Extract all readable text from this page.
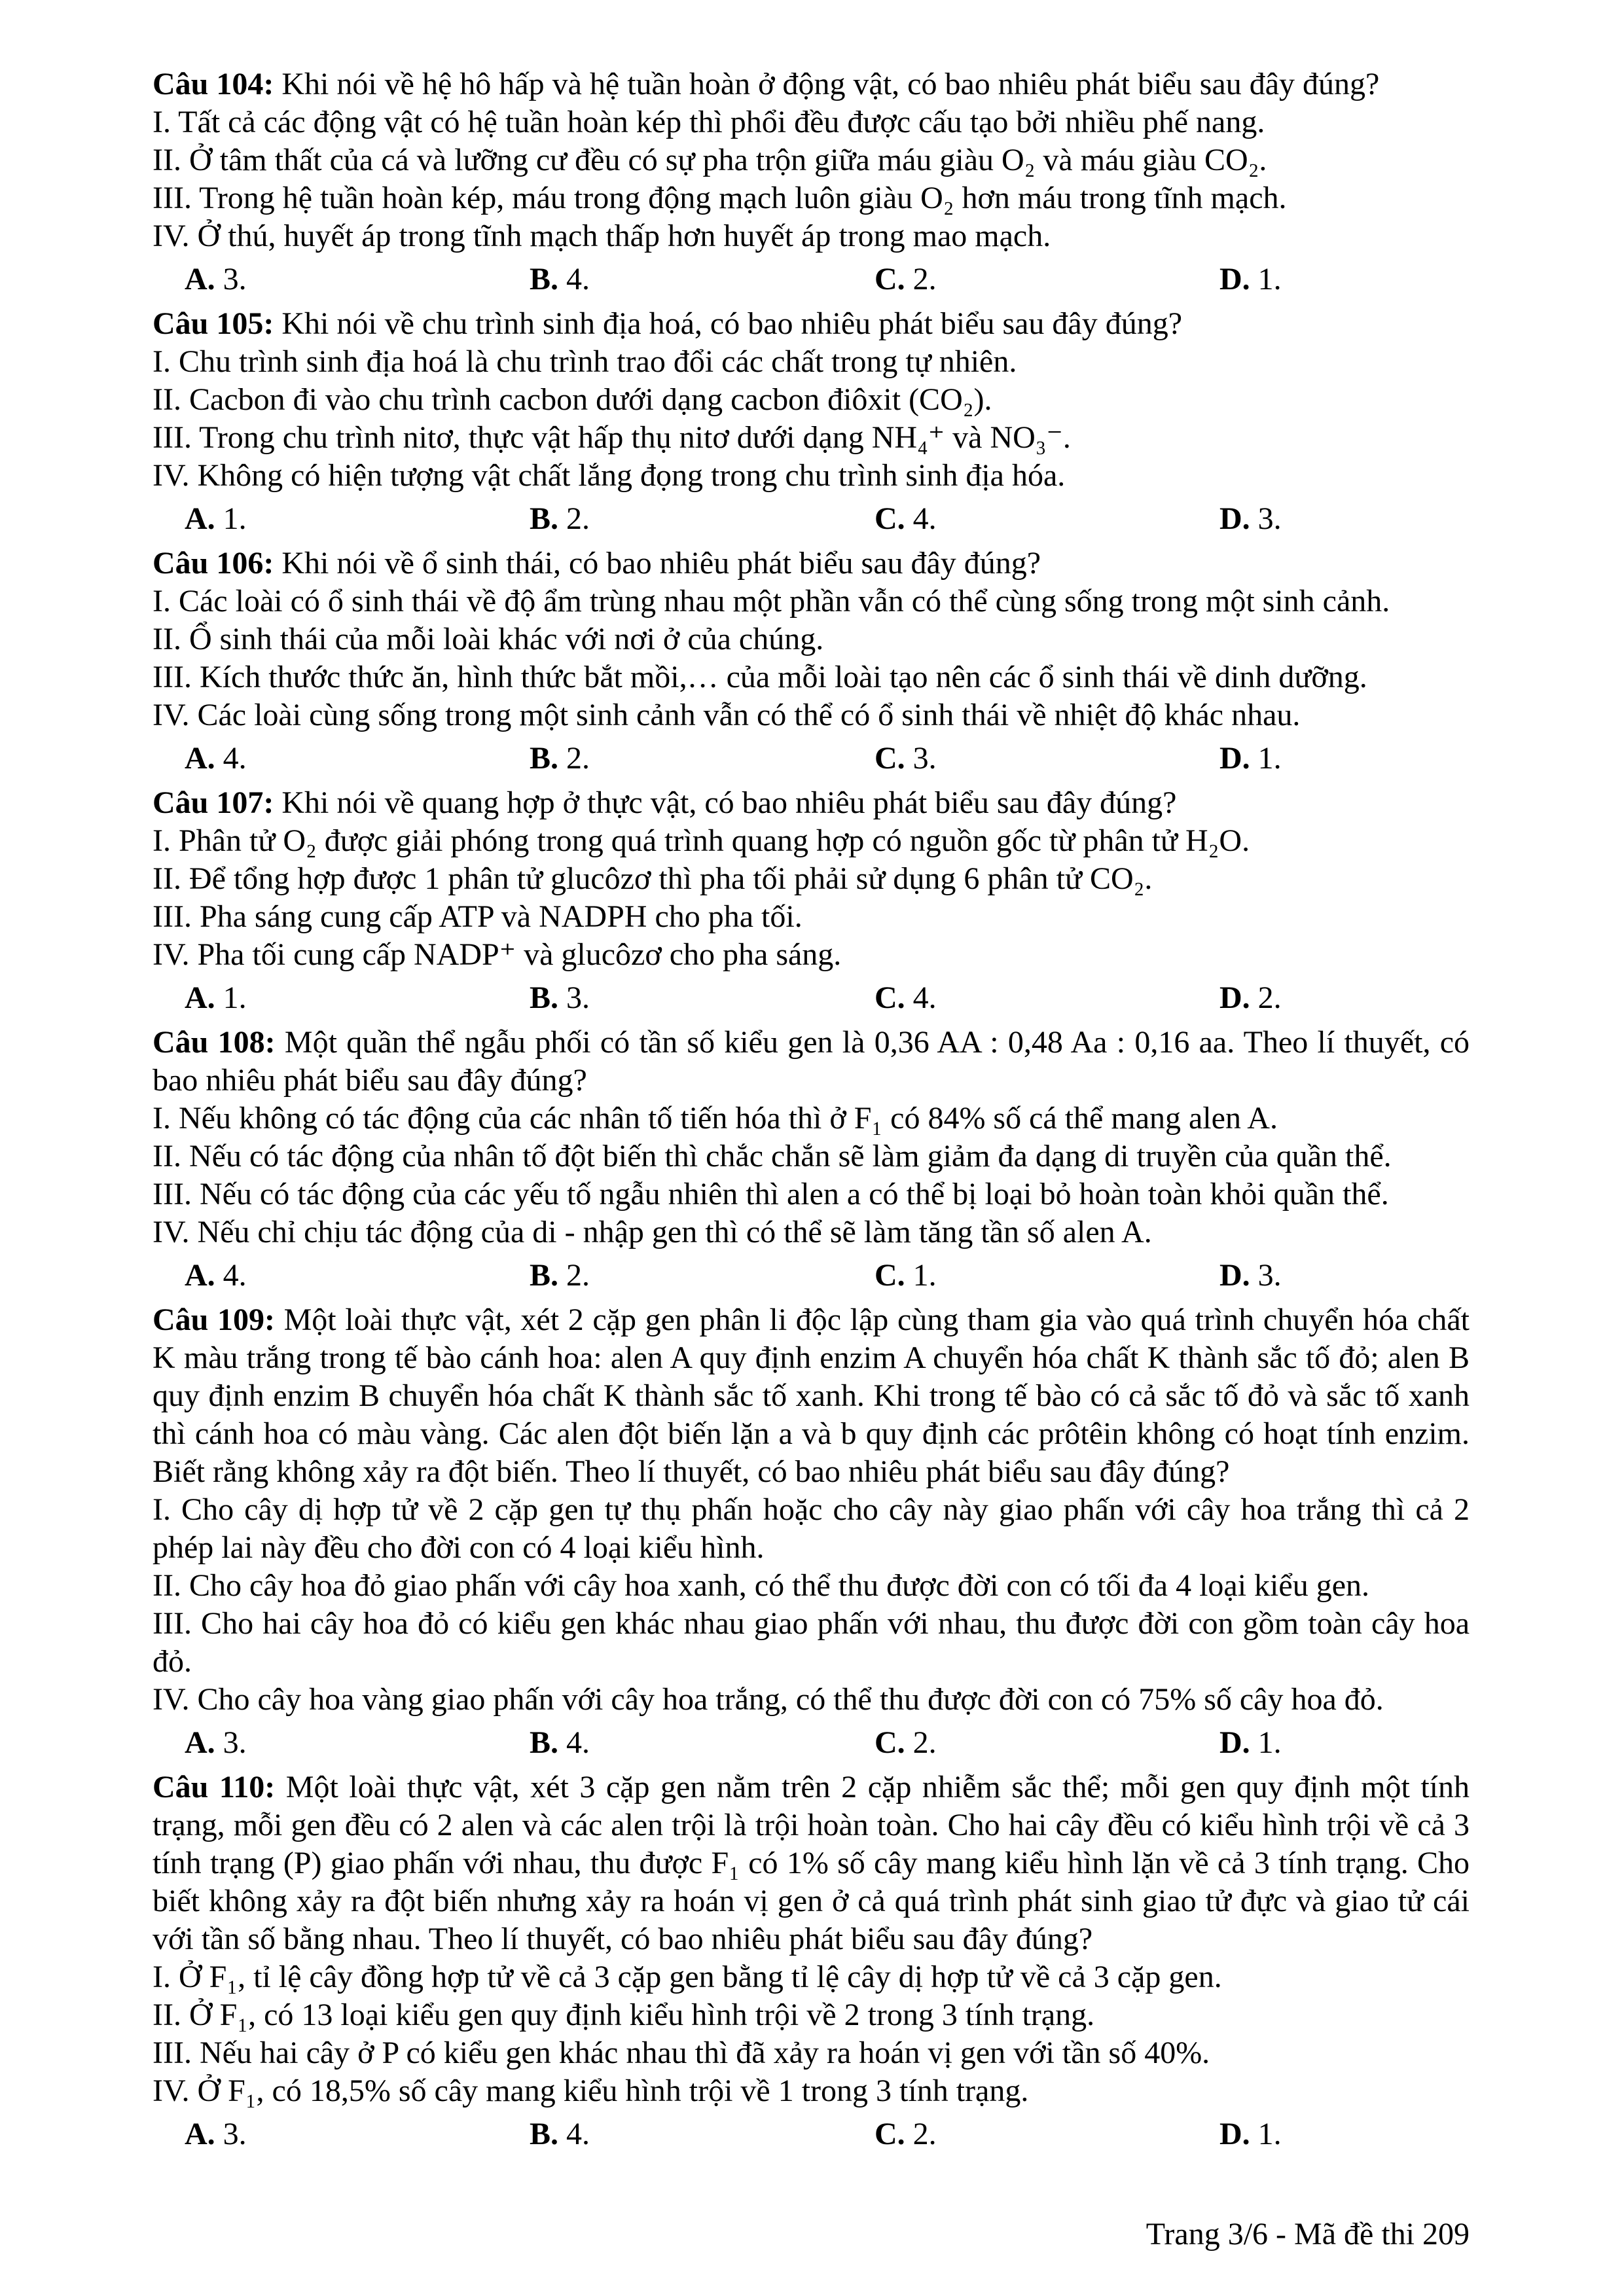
Câu 104: Khi nói về hệ hô hấp và hệ tuần hoàn ở động vật, có bao nhiêu phát biểu sau đây đúng?

I. Tất cả các động vật có hệ tuần hoàn kép thì phổi đều được cấu tạo bởi nhiều phế nang.

II. Ở tâm thất của cá và lưỡng cư đều có sự pha trộn giữa máu giàu O₂ và máu giàu CO₂.

III. Trong hệ tuần hoàn kép, máu trong động mạch luôn giàu O₂ hơn máu trong tĩnh mạch.

IV. Ở thú, huyết áp trong tĩnh mạch thấp hơn huyết áp trong mao mạch.

A. 3.	B. 4.	C. 2.	D. 1.

Câu 105: Khi nói về chu trình sinh địa hoá, có bao nhiêu phát biểu sau đây đúng?

I. Chu trình sinh địa hoá là chu trình trao đổi các chất trong tự nhiên.

II. Cacbon đi vào chu trình cacbon dưới dạng cacbon điôxit (CO₂).

III. Trong chu trình nitơ, thực vật hấp thụ nitơ dưới dạng NH₄⁺ và NO₃⁻.

IV. Không có hiện tượng vật chất lắng đọng trong chu trình sinh địa hóa.

A. 1.	B. 2.	C. 4.	D. 3.

Câu 106: Khi nói về ổ sinh thái, có bao nhiêu phát biểu sau đây đúng?

I. Các loài có ổ sinh thái về độ ẩm trùng nhau một phần vẫn có thể cùng sống trong một sinh cảnh.

II. Ổ sinh thái của mỗi loài khác với nơi ở của chúng.

III. Kích thước thức ăn, hình thức bắt mồi,… của mỗi loài tạo nên các ổ sinh thái về dinh dưỡng.

IV. Các loài cùng sống trong một sinh cảnh vẫn có thể có ổ sinh thái về nhiệt độ khác nhau.

A. 4.	B. 2.	C. 3.	D. 1.

Câu 107: Khi nói về quang hợp ở thực vật, có bao nhiêu phát biểu sau đây đúng?

I. Phân tử O₂ được giải phóng trong quá trình quang hợp có nguồn gốc từ phân tử H₂O.

II. Để tổng hợp được 1 phân tử glucôzơ thì pha tối phải sử dụng 6 phân tử CO₂.

III. Pha sáng cung cấp ATP và NADPH cho pha tối.

IV. Pha tối cung cấp NADP⁺ và glucôzơ cho pha sáng.

A. 1.	B. 3.	C. 4.	D. 2.

Câu 108: Một quần thể ngẫu phối có tần số kiểu gen là 0,36 AA : 0,48 Aa : 0,16 aa. Theo lí thuyết, có bao nhiêu phát biểu sau đây đúng?

I. Nếu không có tác động của các nhân tố tiến hóa thì ở F₁ có 84% số cá thể mang alen A.

II. Nếu có tác động của nhân tố đột biến thì chắc chắn sẽ làm giảm đa dạng di truyền của quần thể.

III. Nếu có tác động của các yếu tố ngẫu nhiên thì alen a có thể bị loại bỏ hoàn toàn khỏi quần thể.

IV. Nếu chỉ chịu tác động của di - nhập gen thì có thể sẽ làm tăng tần số alen A.

A. 4.	B. 2.	C. 1.	D. 3.

Câu 109: Một loài thực vật, xét 2 cặp gen phân li độc lập cùng tham gia vào quá trình chuyển hóa chất K màu trắng trong tế bào cánh hoa: alen A quy định enzim A chuyển hóa chất K thành sắc tố đỏ; alen B quy định enzim B chuyển hóa chất K thành sắc tố xanh. Khi trong tế bào có cả sắc tố đỏ và sắc tố xanh thì cánh hoa có màu vàng. Các alen đột biến lặn a và b quy định các prôtêin không có hoạt tính enzim. Biết rằng không xảy ra đột biến. Theo lí thuyết, có bao nhiêu phát biểu sau đây đúng?

I. Cho cây dị hợp tử về 2 cặp gen tự thụ phấn hoặc cho cây này giao phấn với cây hoa trắng thì cả 2 phép lai này đều cho đời con có 4 loại kiểu hình.

II. Cho cây hoa đỏ giao phấn với cây hoa xanh, có thể thu được đời con có tối đa 4 loại kiểu gen.

III. Cho hai cây hoa đỏ có kiểu gen khác nhau giao phấn với nhau, thu được đời con gồm toàn cây hoa đỏ.

IV. Cho cây hoa vàng giao phấn với cây hoa trắng, có thể thu được đời con có 75% số cây hoa đỏ.

A. 3.	B. 4.	C. 2.	D. 1.

Câu 110: Một loài thực vật, xét 3 cặp gen nằm trên 2 cặp nhiễm sắc thể; mỗi gen quy định một tính trạng, mỗi gen đều có 2 alen và các alen trội là trội hoàn toàn. Cho hai cây đều có kiểu hình trội về cả 3 tính trạng (P) giao phấn với nhau, thu được F₁ có 1% số cây mang kiểu hình lặn về cả 3 tính trạng. Cho biết không xảy ra đột biến nhưng xảy ra hoán vị gen ở cả quá trình phát sinh giao tử đực và giao tử cái với tần số bằng nhau. Theo lí thuyết, có bao nhiêu phát biểu sau đây đúng?

I. Ở F₁, tỉ lệ cây đồng hợp tử về cả 3 cặp gen bằng tỉ lệ cây dị hợp tử về cả 3 cặp gen.

II. Ở F₁, có 13 loại kiểu gen quy định kiểu hình trội về 2 trong 3 tính trạng.

III. Nếu hai cây ở P có kiểu gen khác nhau thì đã xảy ra hoán vị gen với tần số 40%.

IV. Ở F₁, có 18,5% số cây mang kiểu hình trội về 1 trong 3 tính trạng.

A. 3.	B. 4.	C. 2.	D. 1.
Trang 3/6 - Mã đề thi 209
